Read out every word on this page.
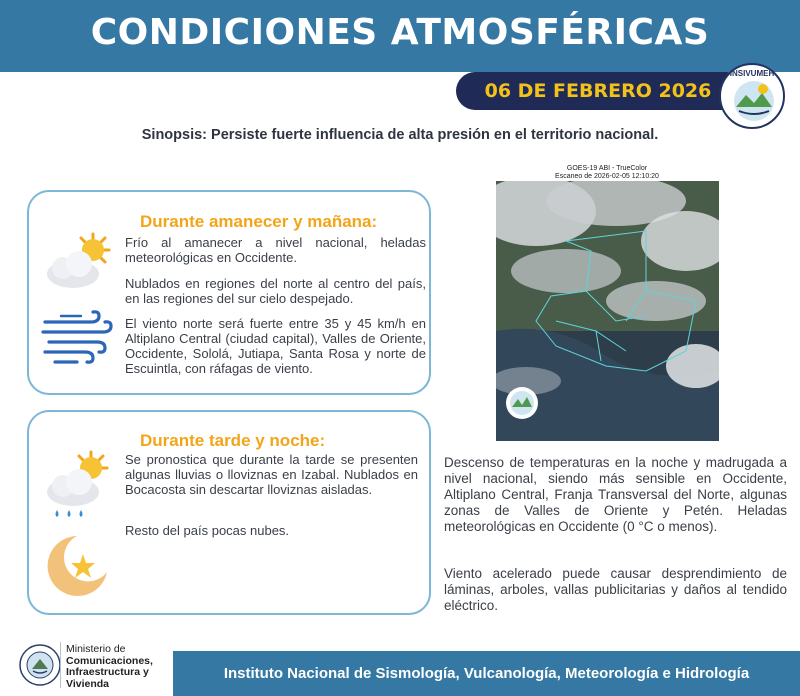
CONDICIONES ATMOSFÉRICAS
06 DE FEBRERO 2026
INSIVUMEH
Sinopsis: Persiste fuerte influencia de alta presión en el territorio nacional.
Durante amanecer y mañana:
Frío al amanecer a nivel nacional, heladas meteorológicas en Occidente.
Nublados en regiones del norte al centro del país, en las regiones del sur cielo despejado.
El viento norte será fuerte entre 35 y 45 km/h en Altiplano Central (ciudad capital), Valles de Oriente, Occidente, Sololá, Jutiapa, Santa Rosa y norte de Escuintla, con ráfagas de viento.
Durante tarde y noche:
Se pronostica que durante la tarde se presenten algunas lluvias o lloviznas en Izabal. Nublados en Bocacosta sin descartar lloviznas aisladas.
Resto del país pocas nubes.
GOES-19 ABI - TrueColor
Escaneo de 2026-02-05 12:10:20
Descenso de temperaturas en la noche y madrugada a nivel nacional, siendo más sensible en Occidente, Altiplano Central, Franja Transversal del Norte, algunas zonas de Valles de Oriente y Petén. Heladas meteorológicas en Occidente (0 °C o menos).
Viento acelerado puede causar desprendimiento de láminas, arboles, vallas publicitarias y daños al tendido eléctrico.
Ministerio de
Comunicaciones,
Infraestructura y
Vivienda
Instituto Nacional de Sismología, Vulcanología, Meteorología e Hidrología
